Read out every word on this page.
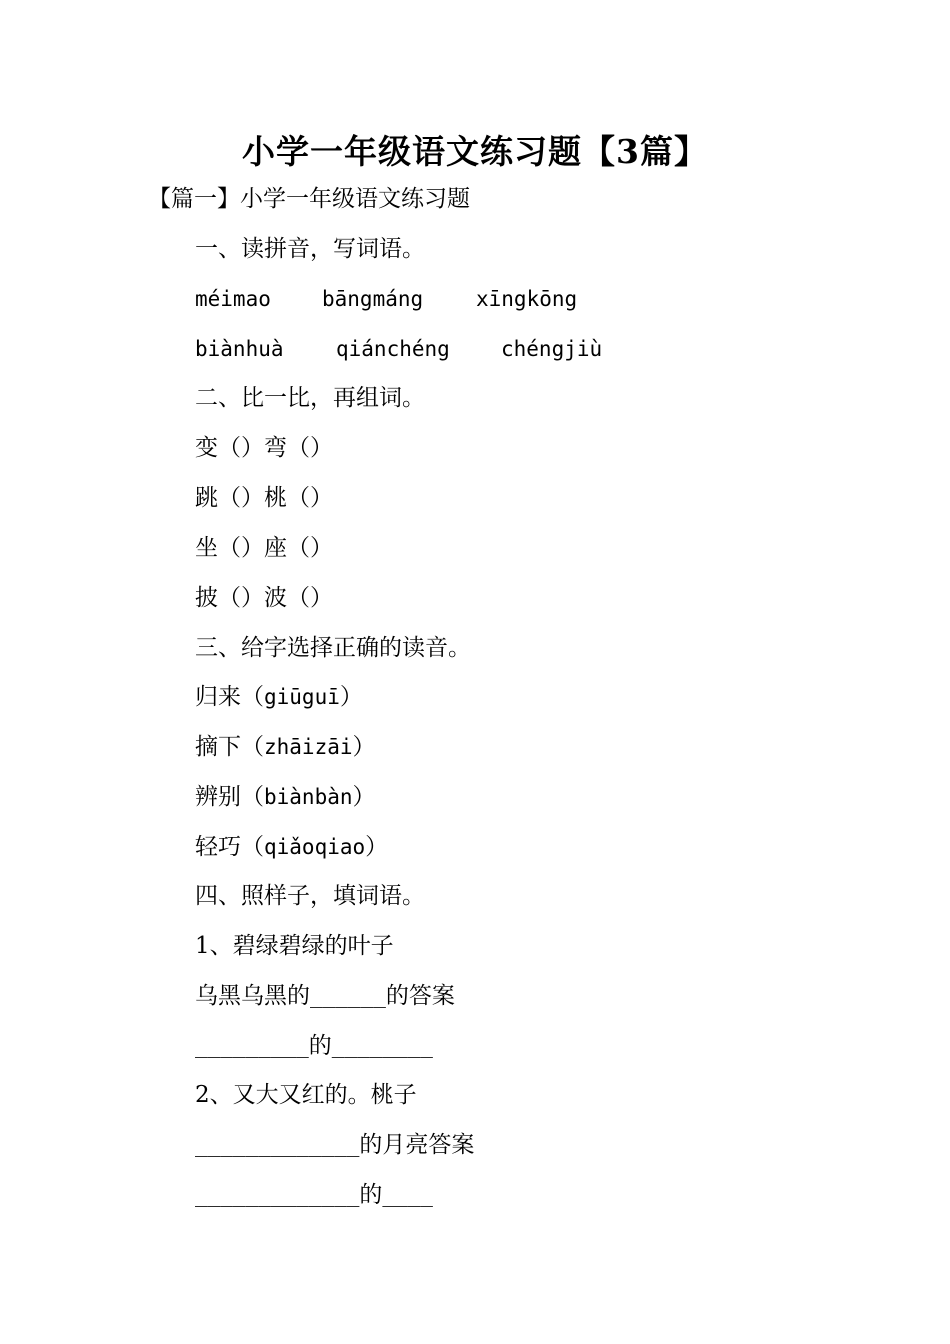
小学一年级语文练习题【3篇】
【篇一】小学一年级语文练习题
一、读拼音，写词语。
méimao bāngmáng	xīngkōng
biànhuà qiánchéng chéngjiù
二、比一比，再组词。
变（）弯（）
跳（）桃（）
坐（）座（）
披（）波（）
三、给字选择正确的读音。
归来（giūguī）
摘下（zhāizāi）
辨别（biànbàn）
轻巧（qiǎoqiao）
四、照样子，填词语。
1、碧绿碧绿的叶子
乌黑乌黑的______的答案
_________的________
2、又大又红的。桃子
_____________的月亮答案
_____________的____
